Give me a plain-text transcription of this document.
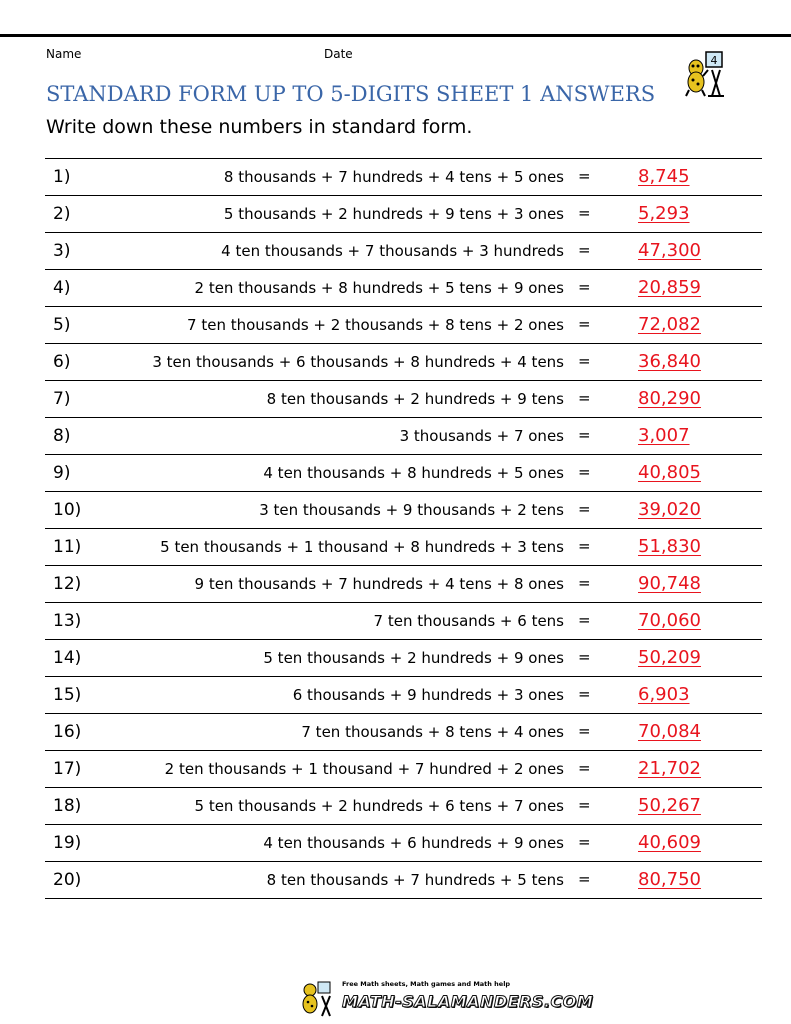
Name	Date	4
STANDARD FORM UP TO 5-DIGITS SHEET 1 ANSWERS
Write down these numbers in standard form.
1)	8 thousands + 7 hundreds + 4 tens + 5 ones =	8,745
2)	5 thousands + 2 hundreds + 9 tens + 3 ones =	5,293
3)	4 ten thousands + 7 thousands + 3 hundreds =	47,300
4)	2 ten thousands + 8 hundreds + 5 tens + 9 ones =	20,859
5)	7 ten thousands + 2 thousands + 8 tens + 2 ones =	72,082
6)	3 ten thousands + 6 thousands + 8 hundreds + 4 tens =	36,840
7)	8 ten thousands + 2 hundreds + 9 tens =	80,290
8)	3 thousands + 7 ones =	3,007
9)	4 ten thousands + 8 hundreds + 5 ones =	40,805
10)	3 ten thousands + 9 thousands + 2 tens =	39,020
11)	5 ten thousands + 1 thousand + 8 hundreds + 3 tens =	51,830
12)	9 ten thousands + 7 hundreds + 4 tens + 8 ones =	90,748
13)	7 ten thousands + 6 tens =	70,060
14)	5 ten thousands + 2 hundreds + 9 ones =	50,209
15)	6 thousands + 9 hundreds + 3 ones =	6,903
16)	7 ten thousands + 8 tens + 4 ones =	70,084
17)	2 ten thousands + 1 thousand + 7 hundred + 2 ones =	21,702
18)	5 ten thousands + 2 hundreds + 6 tens + 7 ones =	50,267
19)	4 ten thousands + 6 hundreds + 9 ones =	40,609
20)	8 ten thousands + 7 hundreds + 5 tens =	80,750
Free Math sheets, Math games and Math help
MATH-SALAMANDERS.COM
